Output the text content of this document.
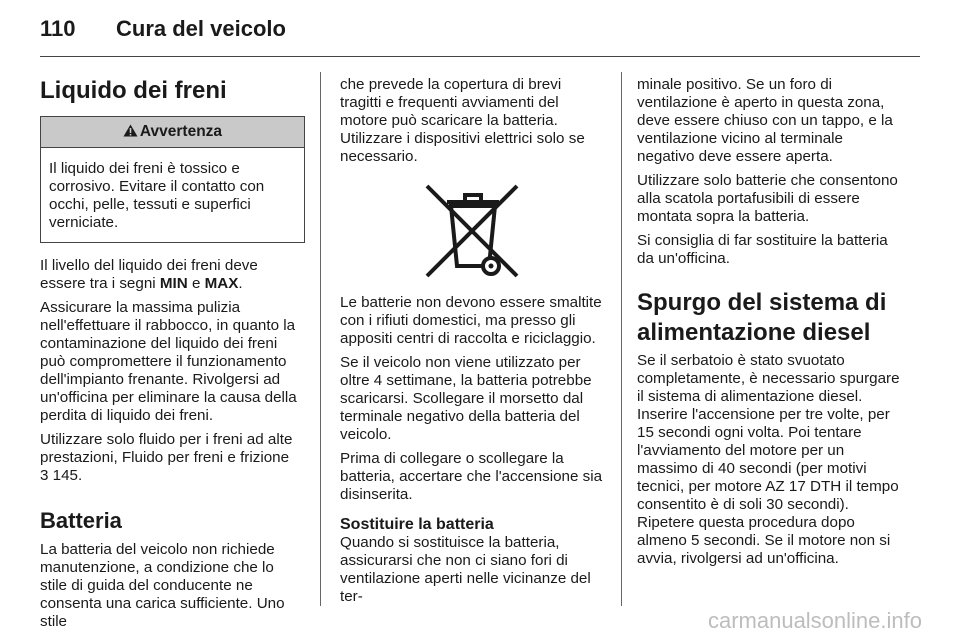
110 Cura del veicolo
Liquido dei freni
Avvertenza
Il liquido dei freni è tossico e corrosivo. Evitare il contatto con occhi, pelle, tessuti e superfici verniciate.

Il livello del liquido dei freni deve essere tra i segni MIN e MAX.

Assicurare la massima pulizia nell'effettuare il rabbocco, in quanto la contaminazione del liquido dei freni può compromettere il funzionamento dell'impianto frenante. Rivolgersi ad un'officina per eliminare la causa della perdita di liquido dei freni.

Utilizzare solo fluido per i freni ad alte prestazioni, Fluido per freni e frizione
3 145.

Batteria

La batteria del veicolo non richiede manutenzione, a condizione che lo stile di guida del conducente ne consenta una carica sufficiente. Uno stile

che prevede la copertura di brevi tragitti e frequenti avviamenti del motore può scaricare la batteria. Utilizzare i dispositivi elettrici solo se necessario.

Le batterie non devono essere smaltite con i rifiuti domestici, ma presso gli appositi centri di raccolta e riciclaggio.

Se il veicolo non viene utilizzato per oltre 4 settimane, la batteria potrebbe scaricarsi. Scollegare il morsetto dal terminale negativo della batteria del veicolo.

Prima di collegare o scollegare la batteria, accertare che l'accensione sia disinserita.

Sostituire la batteria

Quando si sostituisce la batteria, assicurarsi che non ci siano fori di ventilazione aperti nelle vicinanze del ter-

minale positivo. Se un foro di ventilazione è aperto in questa zona, deve essere chiuso con un tappo, e la ventilazione vicino al terminale negativo deve essere aperta.

Utilizzare solo batterie che consentono alla scatola portafusibili di essere montata sopra la batteria.

Si consiglia di far sostituire la batteria da un'officina.

Spurgo del sistema di alimentazione diesel

Se il serbatoio è stato svuotato completamente, è necessario spurgare il sistema di alimentazione diesel. Inserire l'accensione per tre volte, per 15 secondi ogni volta. Poi tentare l'avviamento del motore per un massimo di 40 secondi (per motivi tecnici, per motore AZ 17 DTH il tempo consentito è di soli 30 secondi). Ripetere questa procedura dopo almeno 5 secondi. Se il motore non si avvia, rivolgersi ad un'officina.

carmanualsonline.info
